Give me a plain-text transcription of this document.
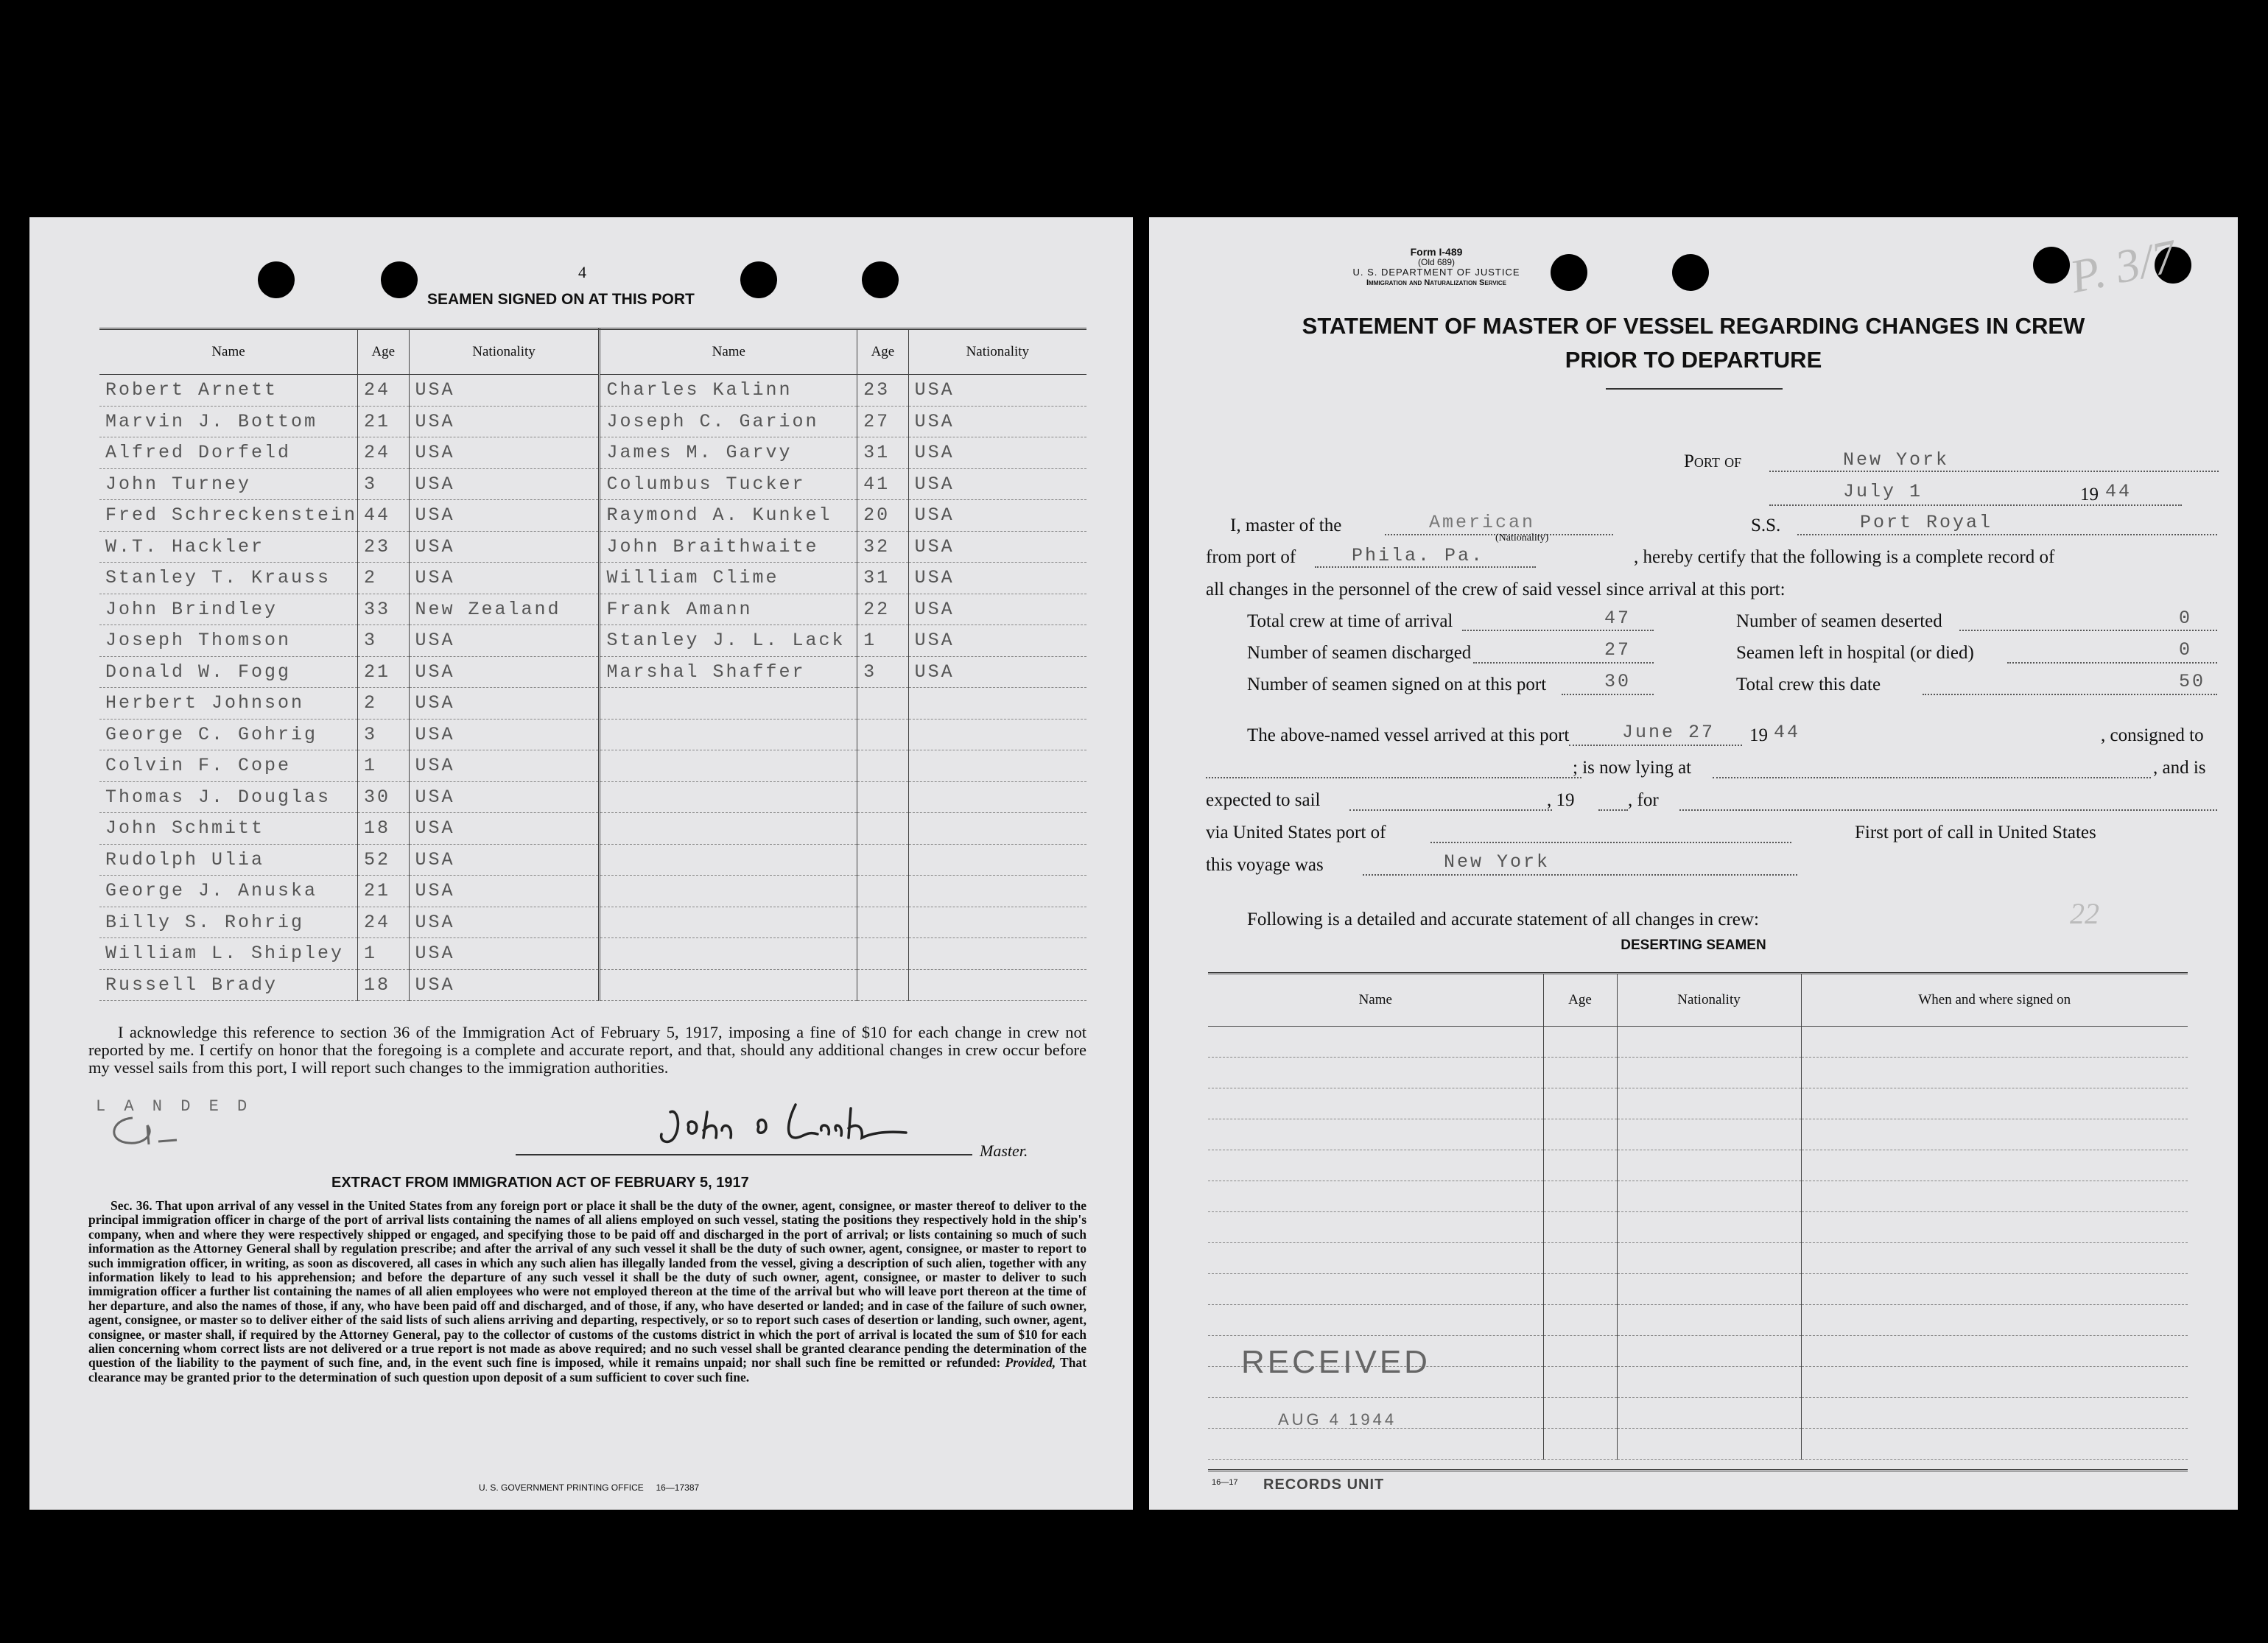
4
SEAMEN SIGNED ON AT THIS PORT
Name	Age	Nationality	Name	Age	Nationality
Robert Arnett	24	USA	Charles Kalinn	23	USA
Marvin J. Bottom	21	USA	Joseph C. Garion	27	USA
Alfred Dorfeld	24	USA	James M. Garvy	31	USA
John Turney	3	USA	Columbus Tucker	41	USA
Fred Schreckenstein	44	USA	Raymond A. Kunkel	20	USA
W.T. Hackler	23	USA	John Braithwaite	32	USA
Stanley T. Krauss	2	USA	William Clime	31	USA
John Brindley	33	New Zealand	Frank Amann	22	USA
Joseph Thomson	3	USA	Stanley J. L. Lack	1	USA
Donald W. Fogg	21	USA	Marshal Shaffer	3	USA
Herbert Johnson	2	USA			
George C. Gohrig	3	USA			
Colvin F. Cope	1	USA			
Thomas J. Douglas	30	USA			
John Schmitt	18	USA			
Rudolph Ulia	52	USA			
George J. Anuska	21	USA			
Billy S. Rohrig	24	USA			
William L. Shipley	1	USA			
Russell Brady	18	USA			
I acknowledge this reference to section 36 of the Immigration Act of February 5, 1917, imposing a fine of $10 for each change in crew not reported by me. I certify on honor that the foregoing is a complete and accurate report, and that, should any additional changes in crew occur before my vessel sails from this port, I will report such changes to the immigration authorities.
L A N D E D
Master.
EXTRACT FROM IMMIGRATION ACT OF FEBRUARY 5, 1917
Sec. 36. That upon arrival of any vessel in the United States from any foreign port or place it shall be the duty of the owner, agent, consignee, or master thereof to deliver to the principal immigration officer in charge of the port of arrival lists containing the names of all aliens employed on such vessel, stating the positions they respectively hold in the ship's company, when and where they were respectively shipped or engaged, and specifying those to be paid off and discharged in the port of arrival; or lists containing so much of such information as the Attorney General shall by regulation prescribe; and after the arrival of any such vessel it shall be the duty of such owner, agent, consignee, or master to report to such immigration officer, in writing, as soon as discovered, all cases in which any such alien has illegally landed from the vessel, giving a description of such alien, together with any information likely to lead to his apprehension; and before the departure of any such vessel it shall be the duty of such owner, agent, consignee, or master to deliver to such immigration officer a further list containing the names of all alien employees who were not employed thereon at the time of the arrival but who will leave port thereon at the time of her departure, and also the names of those, if any, who have been paid off and discharged, and of those, if any, who have deserted or landed; and in case of the failure of such owner, agent, consignee, or master so to deliver either of the said lists of such aliens arriving and departing, respectively, or so to report such cases of desertion or landing, such owner, agent, consignee, or master shall, if required by the Attorney General, pay to the collector of customs of the customs district in which the port of arrival is located the sum of $10 for each alien concerning whom correct lists are not delivered or a true report is not made as above required; and no such vessel shall be granted clearance pending the determination of the question of the liability to the payment of such fine, and, in the event such fine is imposed, while it remains unpaid; nor shall such fine be remitted or refunded: Provided, That clearance may be granted prior to the determination of such question upon deposit of a sum sufficient to cover such fine.
U. S. GOVERNMENT PRINTING OFFICE     16—17387
P. 3/7
Form I-489
(Old 689)
U. S. DEPARTMENT OF JUSTICE
Immigration and Naturalization Service
STATEMENT OF MASTER OF VESSEL REGARDING CHANGES IN CREW
PRIOR TO DEPARTURE
Port of	New York
July 1	19 44
I, master of the	American
(Nationality)
S.S.	Port Royal
from port of	Phila. Pa.	, hereby certify that the following is a complete record of
all changes in the personnel of the crew of said vessel since arrival at this port:
Total crew at time of arrival	47	Number of seamen deserted	0
Number of seamen discharged	27	Seamen left in hospital (or died)	0
Number of seamen signed on at this port	30	Total crew this date	50
The above-named vessel arrived at this port	June 27 19 44	, consigned to
; is now lying at	, and is
expected to sail	, 19	, for
via United States port of	First port of call in United States
this voyage was	New York
Following is a detailed and accurate statement of all changes in crew:	22
DESERTING SEAMEN
Name	Age	Nationality	When and where signed on

RECEIVED
AUG 4 1944
16—17 RECORDS UNIT
